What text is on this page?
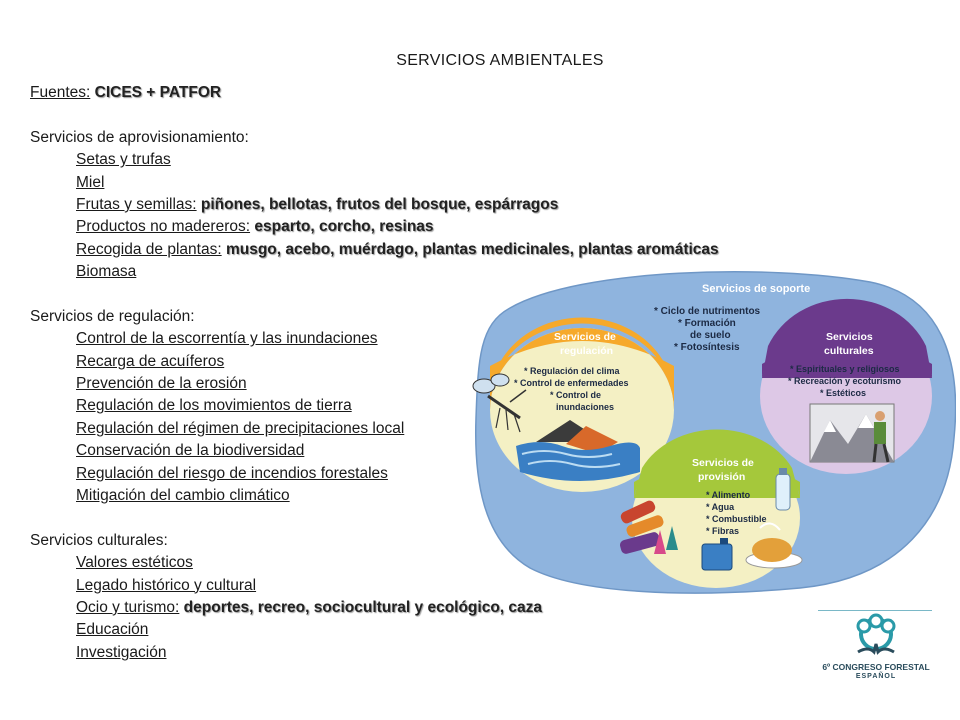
SERVICIOS AMBIENTALES
Fuentes: CICES + PATFOR
Servicios de aprovisionamiento:
Setas y trufas
Miel
Frutas y semillas: piñones, bellotas, frutos del bosque, espárragos
Productos no madereros: esparto, corcho, resinas
Recogida de plantas: musgo, acebo, muérdago, plantas medicinales, plantas aromáticas
Biomasa
Servicios de regulación:
Control de la escorrentía y las inundaciones
Recarga de acuíferos
Prevención de la erosión
Regulación de los movimientos de tierra
Regulación del régimen de precipitaciones local
Conservación de la biodiversidad
Regulación del riesgo de incendios forestales
Mitigación del cambio climático
Servicios culturales:
Valores estéticos
Legado histórico y cultural
Ocio y turismo: deportes, recreo, sociocultural y ecológico, caza
Educación
Investigación
Servicios de soporte
* Ciclo de nutrimentos
* Formación
de suelo
* Fotosíntesis
Servicios de
regulación
* Regulación del clima
* Control de enfermedades
* Control de
inundaciones
Servicios
culturales
* Espirituales y religiosos
* Recreación y ecoturismo
* Estéticos
Servicios de
provisión
* Alimento
* Agua
* Combustible
* Fibras
6º CONGRESO FORESTAL
ESPAÑOL
